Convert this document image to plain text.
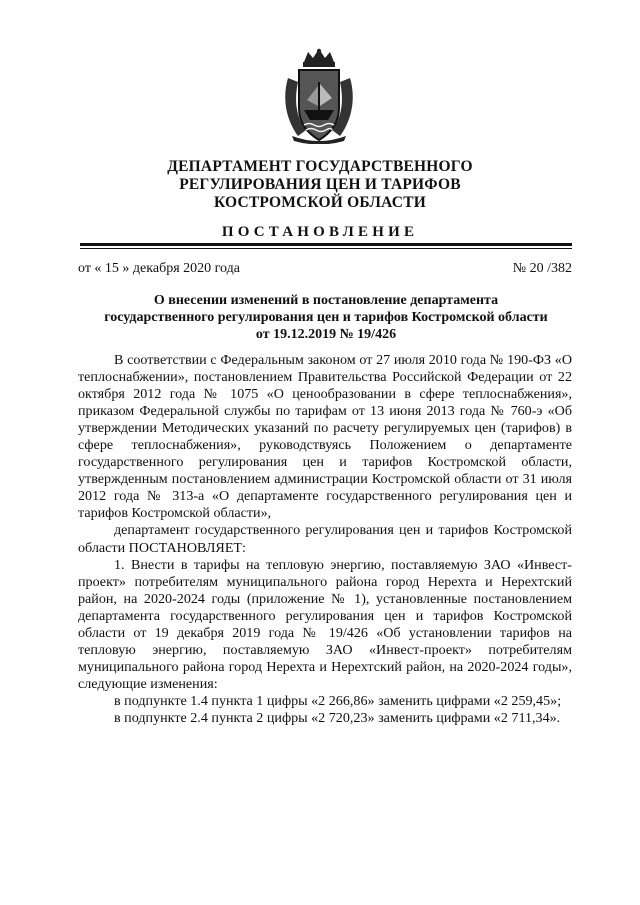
ДЕПАРТАМЕНТ ГОСУДАРСТВЕННОГО
РЕГУЛИРОВАНИЯ ЦЕН И ТАРИФОВ
КОСТРОМСКОЙ ОБЛАСТИ
ПОСТАНОВЛЕНИЕ
от « 15 » декабря 2020 года	№ 20 /382
О внесении изменений в постановление департамента
государственного регулирования цен и тарифов Костромской области
от 19.12.2019 № 19/426

В соответствии с Федеральным законом от 27 июля 2010 года № 190-ФЗ «О теплоснабжении», постановлением Правительства Российской Федерации от 22 октября 2012 года № 1075 «О ценообразовании в сфере теплоснабжения», приказом Федеральной службы по тарифам от 13 июня 2013 года № 760-э «Об утверждении Методических указаний по расчету регулируемых цен (тарифов) в сфере теплоснабжения», руководствуясь Положением о департаменте государственного регулирования цен и тарифов Костромской области, утвержденным постановлением администрации Костромской области от 31 июля 2012 года № 313-а «О департаменте государственного регулирования цен и тарифов Костромской области»,

департамент государственного регулирования цен и тарифов Костромской области ПОСТАНОВЛЯЕТ:

1. Внести в тарифы на тепловую энергию, поставляемую ЗАО «Инвест-проект» потребителям муниципального района город Нерехта и Нерехтский район, на 2020-2024 годы (приложение № 1), установленные постановлением департамента государственного регулирования цен и тарифов Костромской области от 19 декабря 2019 года № 19/426 «Об установлении тарифов на тепловую энергию, поставляемую ЗАО «Инвест-проект» потребителям муниципального района город Нерехта и Нерехтский район, на 2020-2024 годы», следующие изменения:

в подпункте 1.4 пункта 1 цифры «2 266,86» заменить цифрами «2 259,45»;

в подпункте 2.4 пункта 2 цифры «2 720,23» заменить цифрами «2 711,34».
